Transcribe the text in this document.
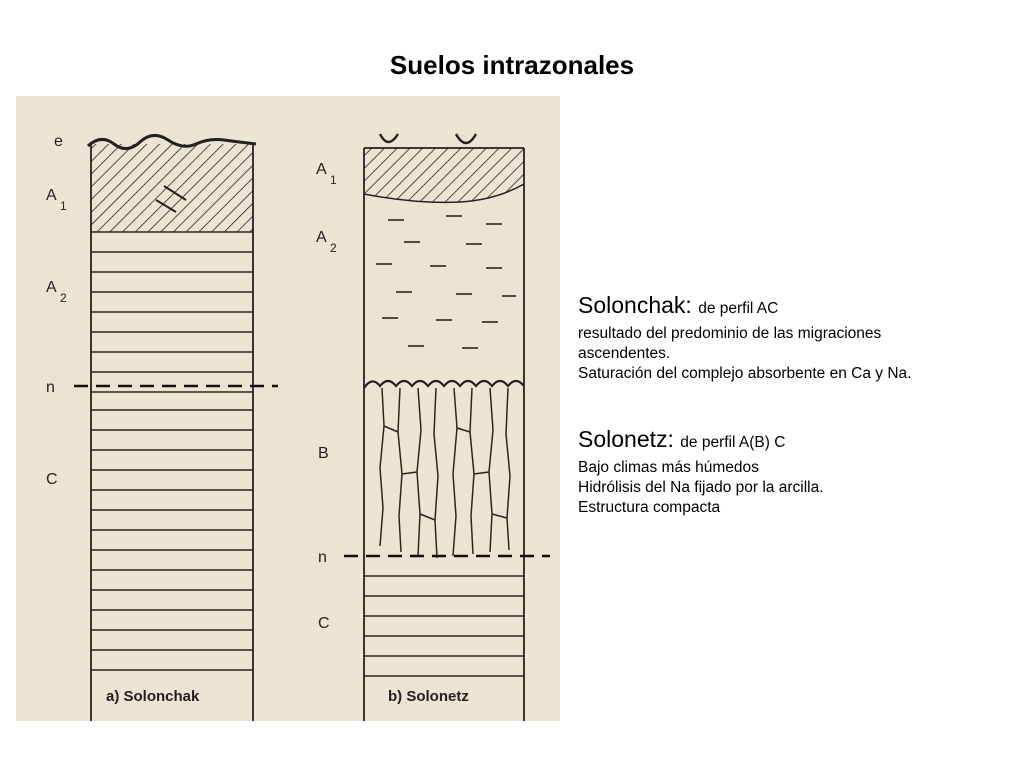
Suelos intrazonales
e
A
1
A
2
n
C
a) Solonchak
A
1
A
2
B
n
C
b) Solonetz
Solonchak: de perfil AC
resultado del predominio de las migraciones
ascendentes.
Saturación del complejo absorbente en Ca y Na.
Solonetz: de perfil A(B) C
Bajo climas más húmedos
Hidrólisis del Na fijado por la arcilla.
Estructura compacta
